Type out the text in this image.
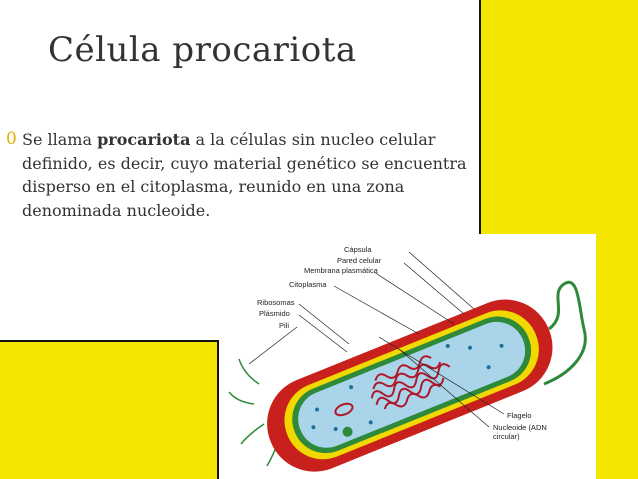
Célula procariota
0 Se llama procariota a la células sin nucleo celular definido, es decir, cuyo material genético se encuentra disperso en el citoplasma, reunido en una zona denominada nucleoide.
Cápsula
Pared celular
Membrana plasmática
Citoplasma
Ribosomas
Plásmido
Pili
Flagelo
Nucleoide (ADN
circular)
